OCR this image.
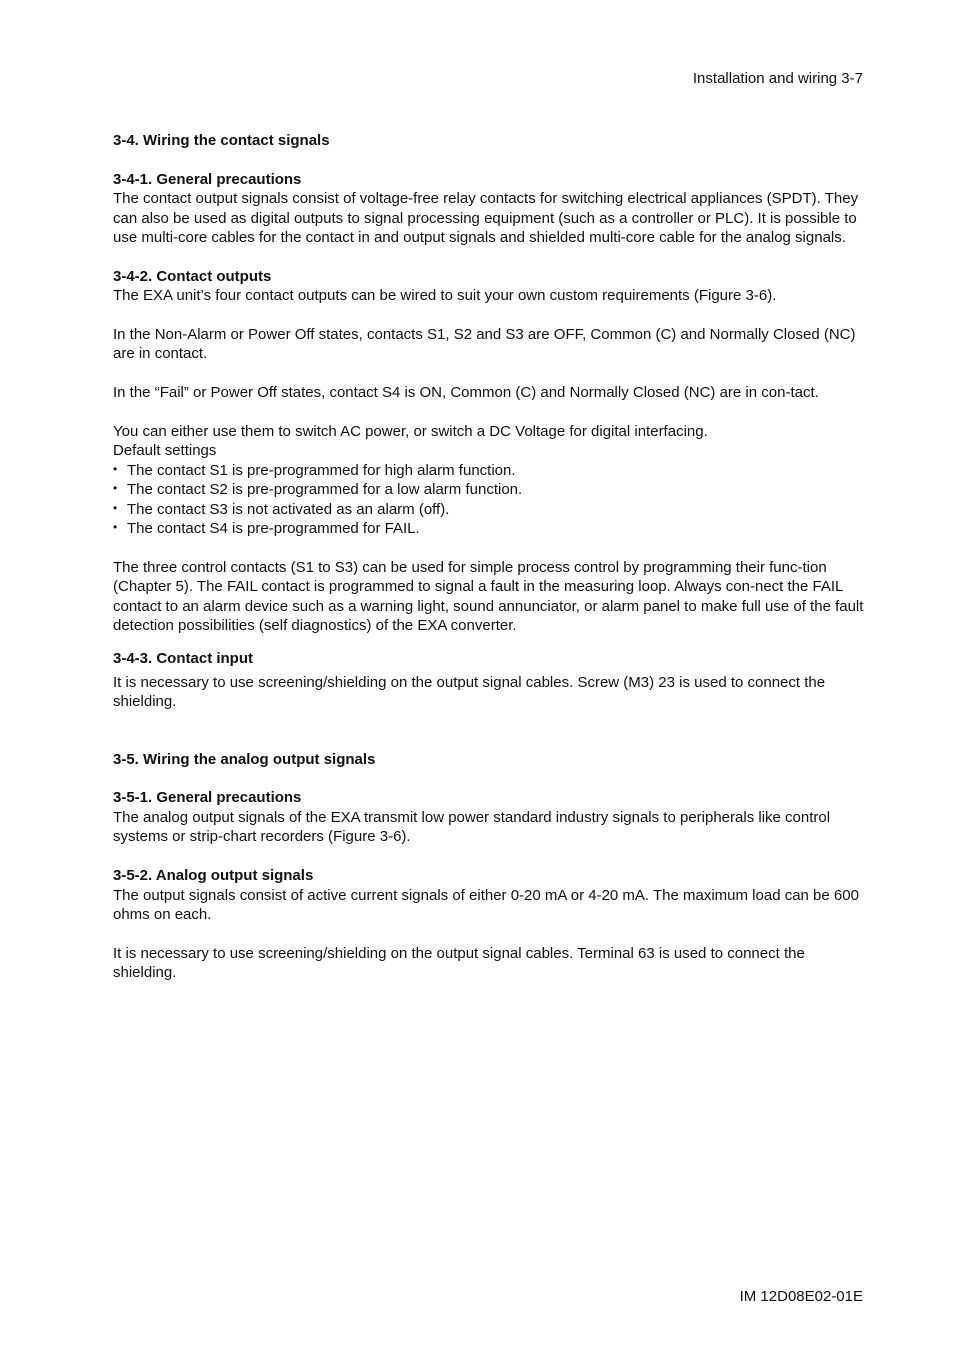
Installation and wiring 3-7
3-4. Wiring the contact signals
3-4-1. General precautions

The contact output signals consist of voltage-free relay contacts for switching electrical appliances (SPDT). They can also be used as digital outputs to signal processing equipment (such as a controller or PLC). It is possible to use multi-core cables for the contact in and output signals and shielded multi-core cable for the analog signals.

3-4-2. Contact outputs

The EXA unit’s four contact outputs can be wired to suit your own custom requirements (Figure 3-6).

In the Non-Alarm or Power Off states, contacts S1, S2 and S3 are OFF, Common (C) and Normally Closed (NC) are in contact.

In the “Fail” or Power Off states, contact S4 is ON, Common (C) and Normally Closed (NC) are in con-tact.

You can either use them to switch AC power, or switch a DC Voltage for digital interfacing.

Default settings

• The contact S1 is pre-programmed for high alarm function.
• The contact S2 is pre-programmed for a low alarm function.
• The contact S3 is not activated as an alarm (off).
• The contact S4 is pre-programmed for FAIL.

The three control contacts (S1 to S3) can be used for simple process control by programming their func-tion (Chapter 5). The FAIL contact is programmed to signal a fault in the measuring loop. Always con-nect the FAIL contact to an alarm device such as a warning light, sound annunciator, or alarm panel to make full use of the fault detection possibilities (self diagnostics) of the EXA converter.

3-4-3. Contact input

It is necessary to use screening/shielding on the output signal cables. Screw (M3) 23 is used to connect the shielding.

3-5. Wiring the analog output signals
3-5-1. General precautions

The analog output signals of the EXA transmit low power standard industry signals to peripherals like control systems or strip-chart recorders (Figure 3-6).

3-5-2. Analog output signals

The output signals consist of active current signals of either 0-20 mA or 4-20 mA. The maximum load can be 600 ohms on each.

It is necessary to use screening/shielding on the output signal cables. Terminal 63 is used to connect the shielding.

IM 12D08E02-01E
